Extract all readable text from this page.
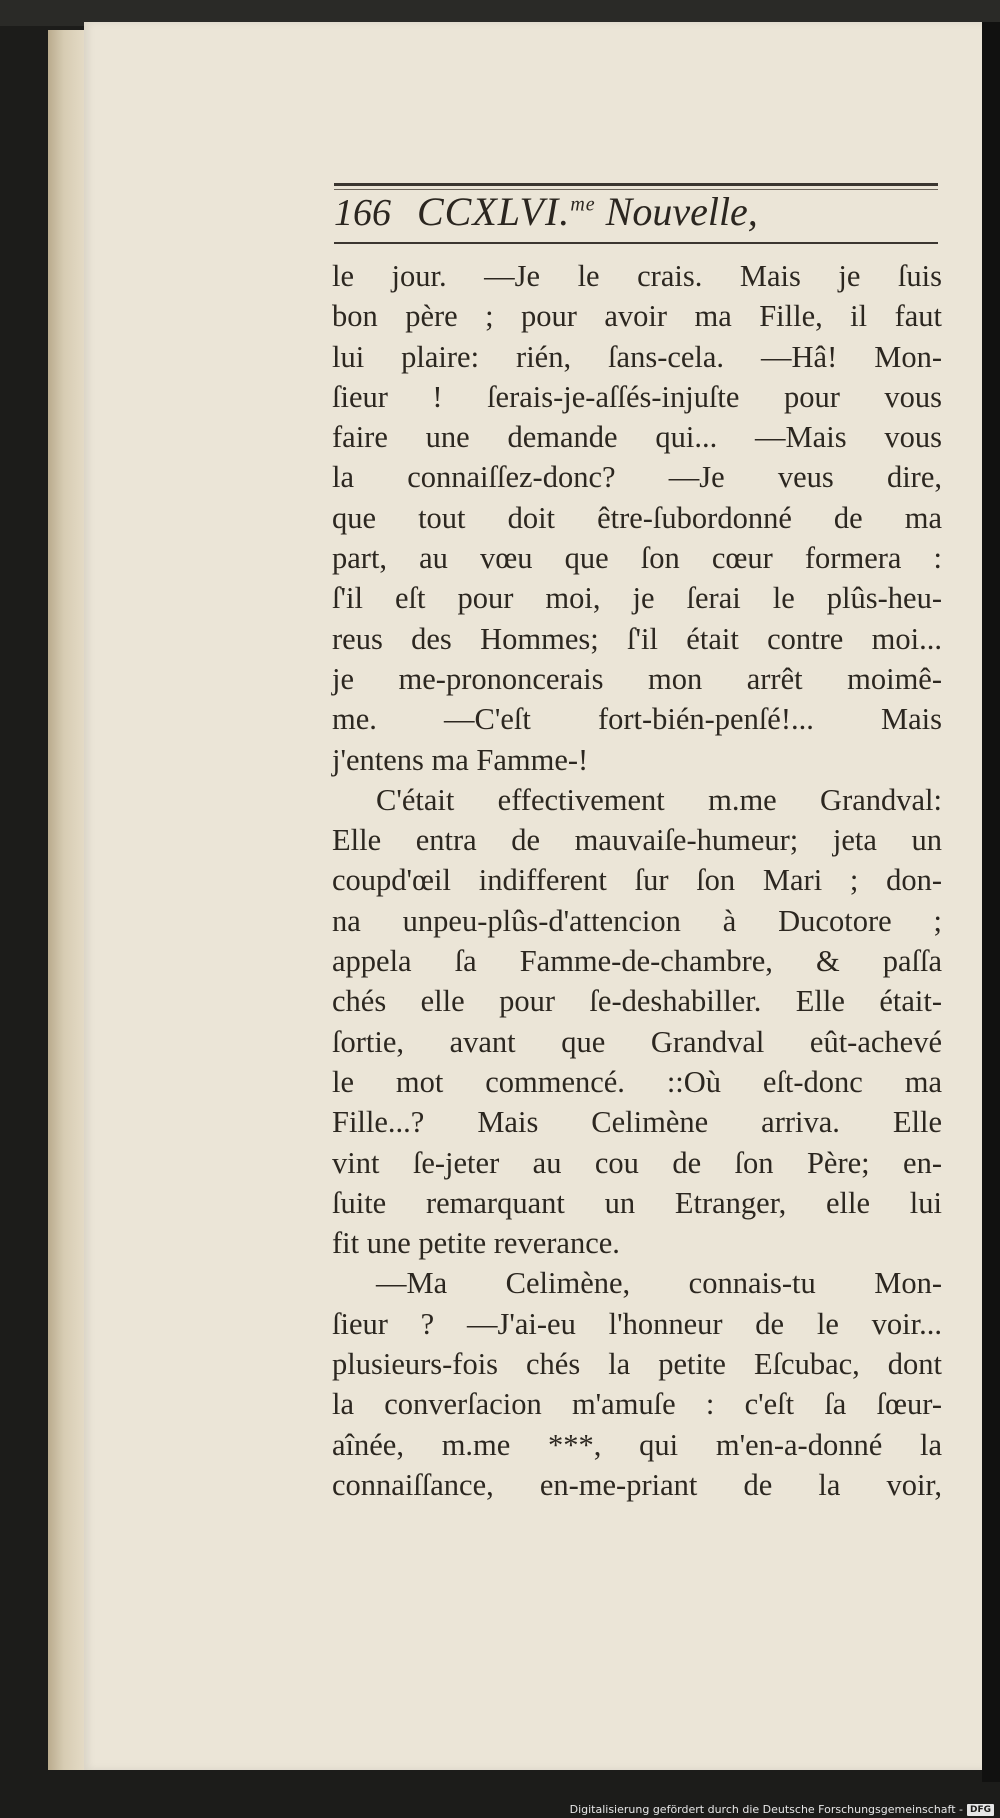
166 CCXLVI.$^{me}$ Nouvelle,
le jour. —Je le crais. Mais je ſuis
bon père ; pour avoir ma Fille, il faut
lui plaire: rién, ſans-cela. —Hâ! Mon-
ſieur ! ſerais-je-aſſés-injuſte pour vous
faire une demande qui... —Mais vous
la connaiſſez-donc? —Je veus dire,
que tout doit être-ſubordonné de ma
part, au vœu que ſon cœur formera :
ſ'il eſt pour moi, je ſerai le plûs-heu-
reus des Hommes; ſ'il était contre moi...
je me-prononcerais mon arrêt moimê-
me. —C'eſt fort-bién-penſé!... Mais
j'entens ma Famme-!
C'était effectivement m.me Grandval:
Elle entra de mauvaiſe-humeur; jeta un
coupd'œil indifferent ſur ſon Mari ; don-
na unpeu-plûs-d'attencion à Ducotore ;
appela ſa Famme-de-chambre, & paſſa
chés elle pour ſe-deshabiller. Elle était-
ſortie, avant que Grandval eût-achevé
le mot commencé. ::Où eſt-donc ma
Fille...? Mais Celimène arriva. Elle
vint ſe-jeter au cou de ſon Père; en-
ſuite remarquant un Etranger, elle lui
fit une petite reverance.
—Ma Celimène, connais-tu Mon-
ſieur ? —J'ai-eu l'honneur de le voir...
plusieurs-fois chés la petite Eſcubac, dont
la converſacion m'amuſe : c'eſt ſa ſœur-
aînée, m.me ***, qui m'en-a-donné la
connaiſſance, en-me-priant de la voir,
Digitalisierung gefördert durch die Deutsche Forschungsgemeinschaft - DFG
